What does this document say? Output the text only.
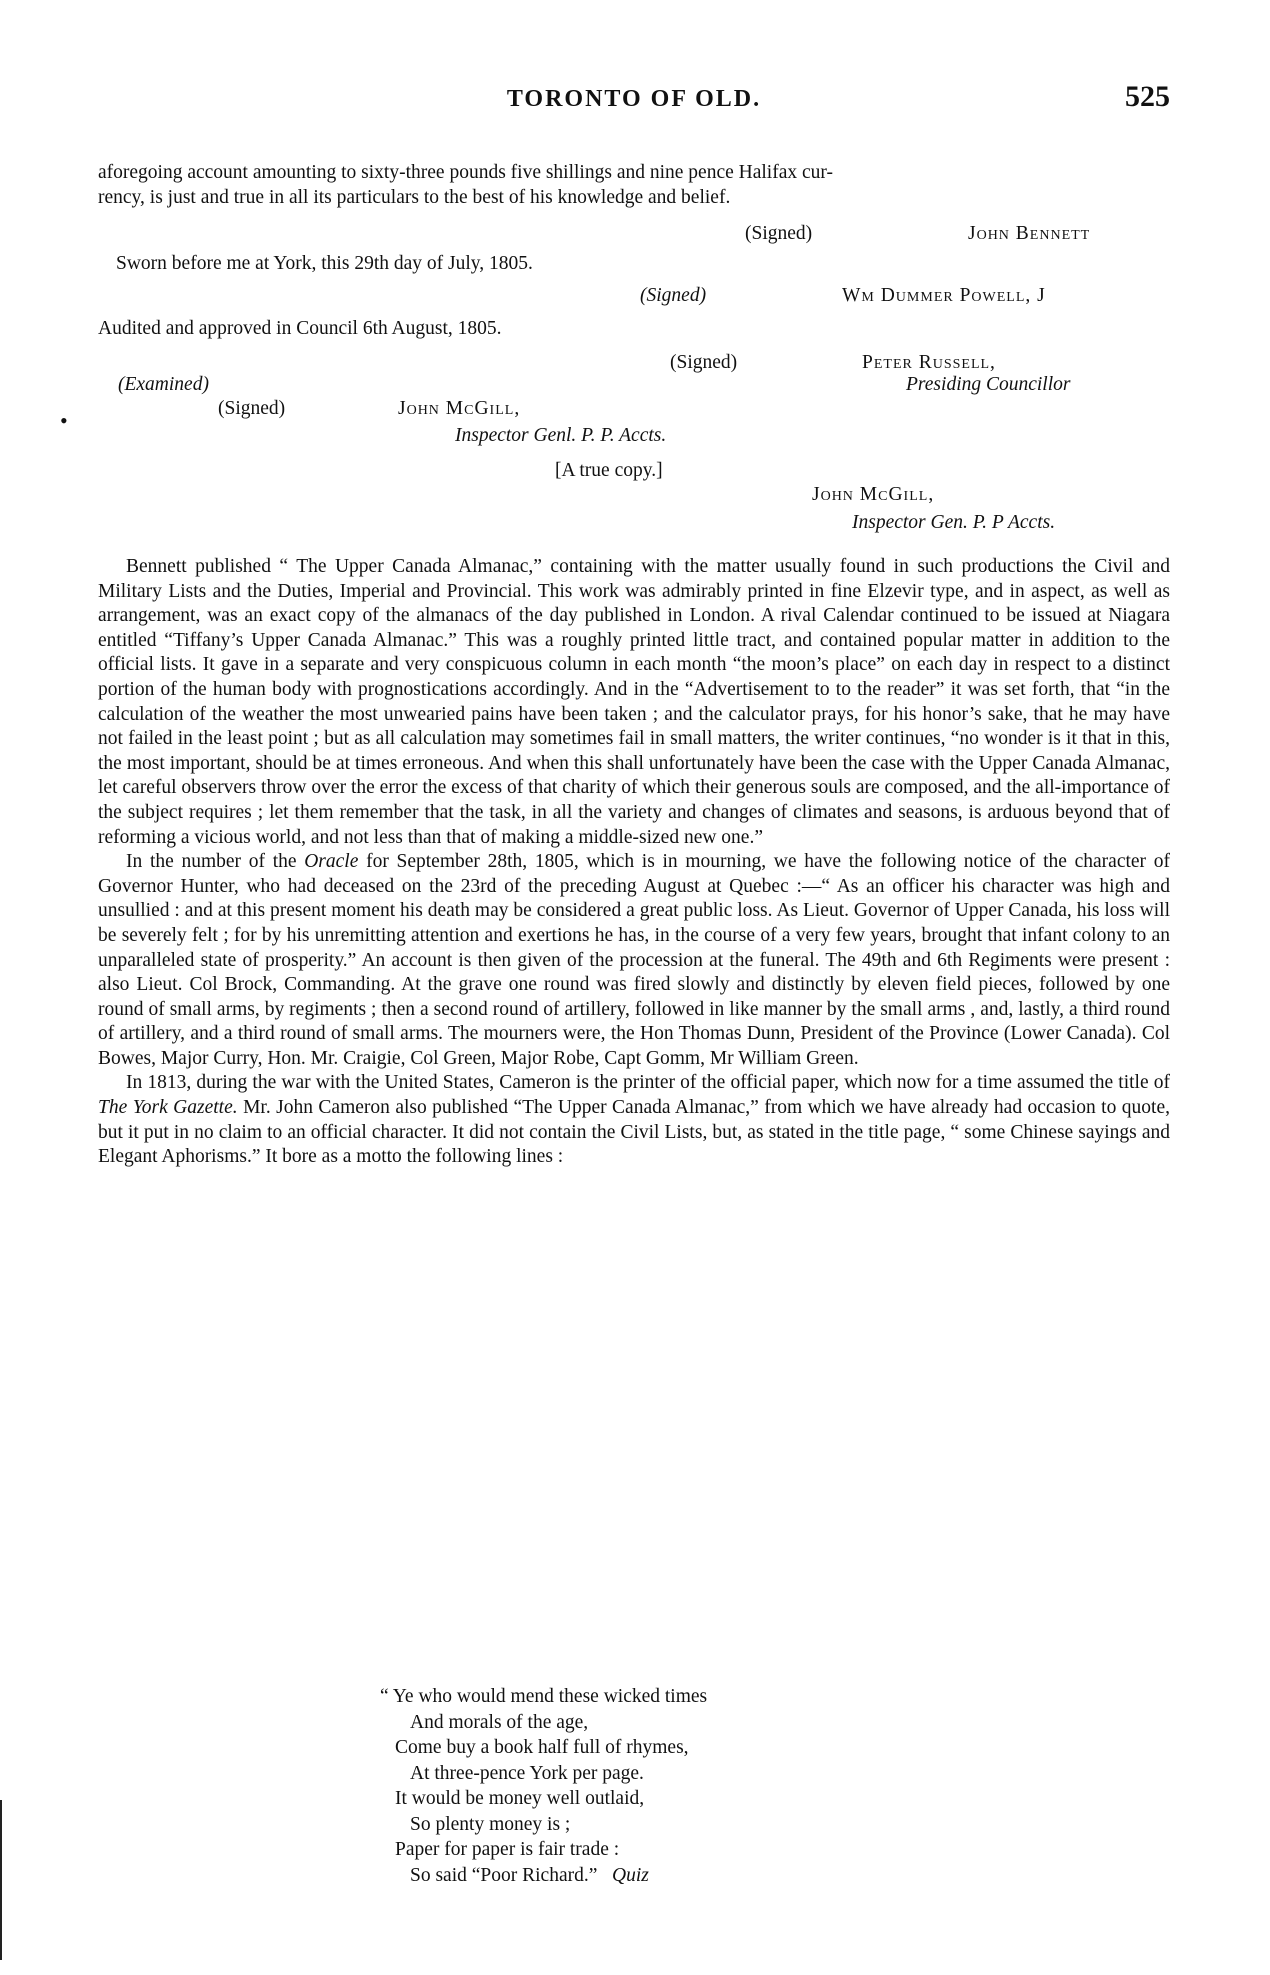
TORONTO OF OLD.	525
aforegoing account amounting to sixty-three pounds five shillings and nine pence Halifax cur-
rency, is just and true in all its particulars to the best of his knowledge and belief.
(Signed)	John Bennett
Sworn before me at York, this 29th day of July, 1805.
(Signed)	Wm Dummer Powell, J
Audited and approved in Council 6th August, 1805.
(Signed)	Peter Russell,
Presiding Councillor
(Examined)
•	(Signed)	John McGill,
Inspector Genl. P. P. Accts.
[A true copy.]
John McGill,
Inspector Gen. P. P Accts.

Bennett published “ The Upper Canada Almanac,” containing with the matter usually found in such productions the Civil and Military Lists and the Duties, Imperial and Provincial. This work was admirably printed in fine Elzevir type, and in aspect, as well as arrangement, was an exact copy of the almanacs of the day published in London. A rival Calendar continued to be issued at Niagara entitled “Tiffany’s Upper Canada Almanac.” This was a roughly printed little tract, and contained popular matter in addition to the official lists. It gave in a separate and very conspicuous column in each month “the moon’s place” on each day in respect to a distinct portion of the human body with prognostications accordingly. And in the “Advertisement to to the reader” it was set forth, that “in the calculation of the weather the most unwearied pains have been taken ; and the calculator prays, for his honor’s sake, that he may have not failed in the least point ; but as all calculation may sometimes fail in small matters, the writer continues, “no wonder is it that in this, the most important, should be at times erroneous. And when this shall unfortunately have been the case with the Upper Canada Almanac, let careful observers throw over the error the excess of that charity of which their generous souls are composed, and the all-importance of the subject requires ; let them remember that the task, in all the variety and changes of climates and seasons, is arduous beyond that of reforming a vicious world, and not less than that of making a middle-sized new one.”

In the number of the Oracle for September 28th, 1805, which is in mourning, we have the following notice of the character of Governor Hunter, who had deceased on the 23rd of the preceding August at Quebec :—“ As an officer his character was high and unsullied : and at this present moment his death may be considered a great public loss. As Lieut. Governor of Upper Canada, his loss will be severely felt ; for by his unremitting attention and exertions he has, in the course of a very few years, brought that infant colony to an unparalleled state of prosperity.” An account is then given of the procession at the funeral. The 49th and 6th Regiments were present : also Lieut. Col Brock, Commanding. At the grave one round was fired slowly and distinctly by eleven field pieces, followed by one round of small arms, by regiments ; then a second round of artillery, followed in like manner by the small arms , and, lastly, a third round of artillery, and a third round of small arms. The mourners were, the Hon Thomas Dunn, President of the Province (Lower Canada). Col Bowes, Major Curry, Hon. Mr. Craigie, Col Green, Major Robe, Capt Gomm, Mr William Green.

In 1813, during the war with the United States, Cameron is the printer of the official paper, which now for a time assumed the title of The York Gazette. Mr. John Cameron also published “The Upper Canada Almanac,” from which we have already had occasion to quote, but it put in no claim to an official character. It did not contain the Civil Lists, but, as stated in the title page, “ some Chinese sayings and Elegant Aphorisms.” It bore as a motto the following lines :

“ Ye who would mend these wicked times
And morals of the age,
Come buy a book half full of rhymes,
At three-pence York per page.
It would be money well outlaid,
So plenty money is ;
Paper for paper is fair trade :
So said “Poor Richard.” Quiz
